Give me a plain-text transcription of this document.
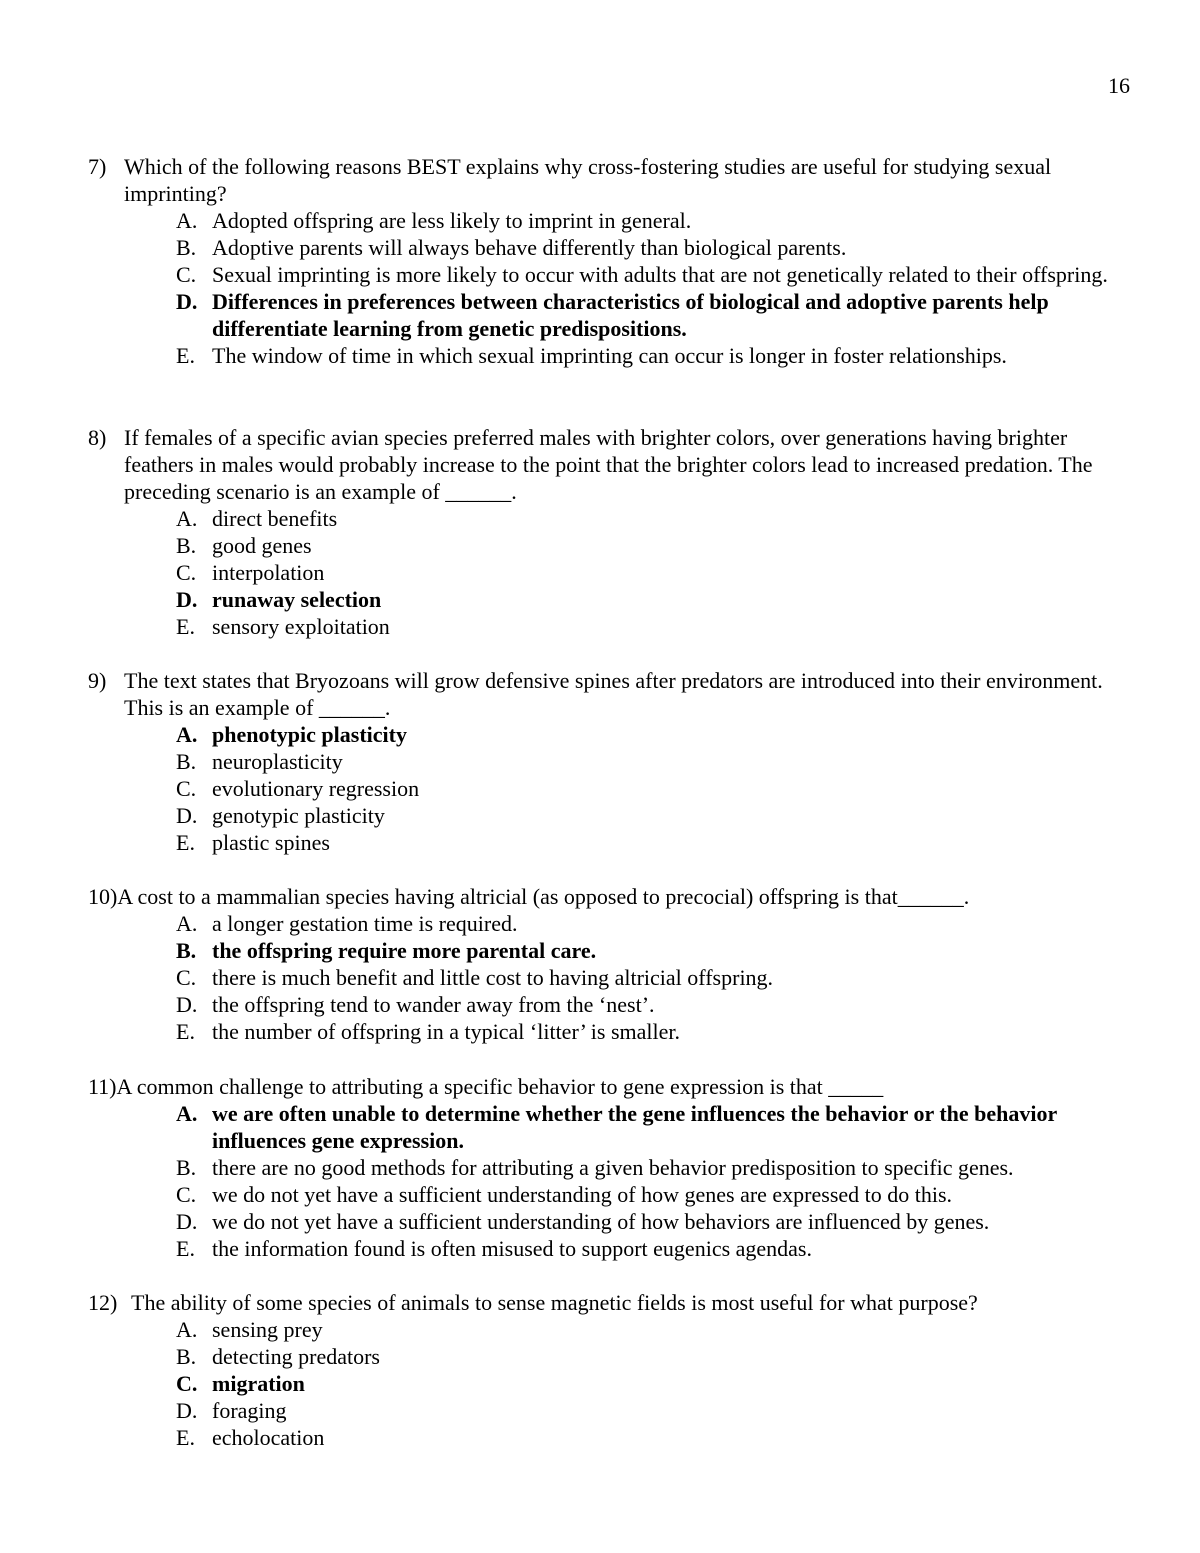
16
7) Which of the following reasons BEST explains why cross-fostering studies are useful for studying sexual imprinting?
A. Adopted offspring are less likely to imprint in general.
B. Adoptive parents will always behave differently than biological parents.
C. Sexual imprinting is more likely to occur with adults that are not genetically related to their offspring.
D. Differences in preferences between characteristics of biological and adoptive parents help differentiate learning from genetic predispositions.
E. The window of time in which sexual imprinting can occur is longer in foster relationships.
8) If females of a specific avian species preferred males with brighter colors, over generations having brighter feathers in males would probably increase to the point that the brighter colors lead to increased predation. The preceding scenario is an example of ______.
A. direct benefits
B. good genes
C. interpolation
D. runaway selection
E. sensory exploitation
9) The text states that Bryozoans will grow defensive spines after predators are introduced into their environment. This is an example of ______.
A. phenotypic plasticity
B. neuroplasticity
C. evolutionary regression
D. genotypic plasticity
E. plastic spines
10) A cost to a mammalian species having altricial (as opposed to precocial) offspring is that______.
A. a longer gestation time is required.
B. the offspring require more parental care.
C. there is much benefit and little cost to having altricial offspring.
D. the offspring tend to wander away from the ‘nest’.
E. the number of offspring in a typical ‘litter’ is smaller.
11) A common challenge to attributing a specific behavior to gene expression is that _____
A. we are often unable to determine whether the gene influences the behavior or the behavior influences gene expression.
B. there are no good methods for attributing a given behavior predisposition to specific genes.
C. we do not yet have a sufficient understanding of how genes are expressed to do this.
D. we do not yet have a sufficient understanding of how behaviors are influenced by genes.
E. the information found is often misused to support eugenics agendas.
12) The ability of some species of animals to sense magnetic fields is most useful for what purpose?
A. sensing prey
B. detecting predators
C. migration
D. foraging
E. echolocation
